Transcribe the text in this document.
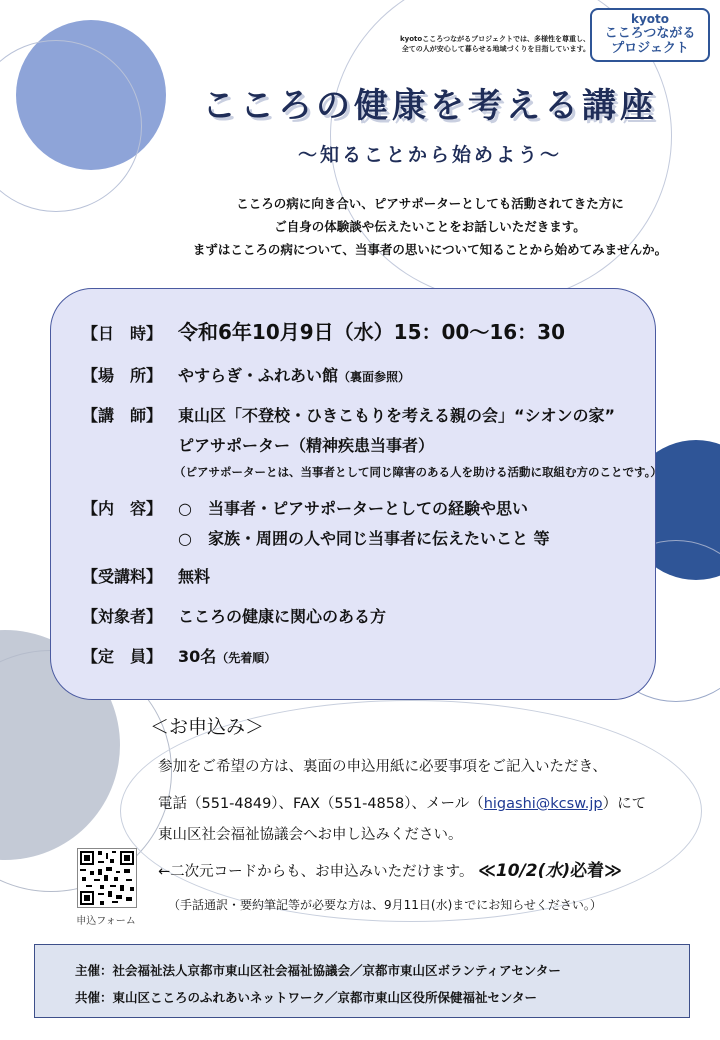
kyotoこころつながるプロジェクトでは、多様性を尊重し、
全ての人が安心して暮らせる地域づくりを目指しています。
kyoto
こころつながる
プロジェクト
こころの健康を考える講座
～知ることから始めよう～
こころの病に向き合い、ピアサポーターとしても活動されてきた方に
ご自身の体験談や伝えたいことをお話しいただきます。
まずはこころの病について、当事者の思いについて知ることから始めてみませんか。
【日　時】 令和6年10月9日（水）15：00～16：30
【場　所】 やすらぎ・ふれあい館（裏面参照）
【講　師】 東山区「不登校・ひきこもりを考える親の会」“シオンの家”
ピアサポーター（精神疾患当事者）
（ピアサポーターとは、当事者として同じ障害のある人を助ける活動に取組む方のことです。）
【内　容】 ○　当事者・ピアサポーターとしての経験や思い
○　家族・周囲の人や同じ当事者に伝えたいこと 等
【受講料】 無料
【対象者】 こころの健康に関心のある方
【定　員】 30名（先着順）
＜お申込み＞
参加をご希望の方は、裏面の申込用紙に必要事項をご記入いただき、
電話（551-4849）、FAX（551-4858）、メール（higashi@kcsw.jp）にて
東山区社会福祉協議会へお申し込みください。
←二次元コードからも、お申込みいただけます。 ≪10/2(水)必着≫
申込フォーム
（手話通訳・要約筆記等が必要な方は、9月11日(水)までにお知らせください。）
主催：社会福祉法人京都市東山区社会福祉協議会／京都市東山区ボランティアセンター
共催：東山区こころのふれあいネットワーク／京都市東山区役所保健福祉センター
